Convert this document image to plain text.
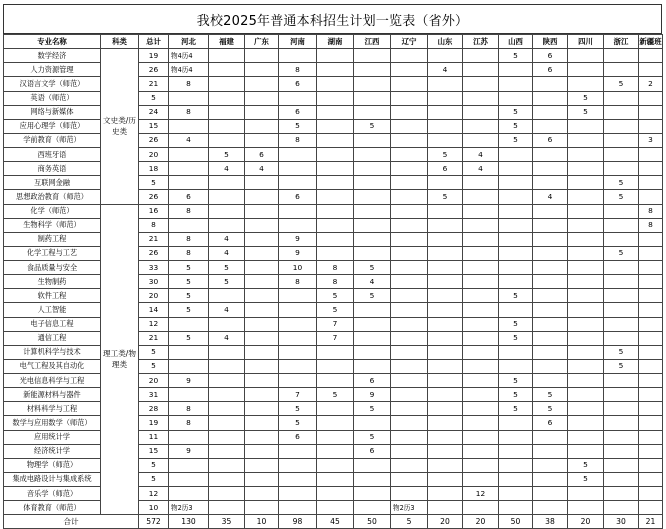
我校2025年普通本科招生计划一览表（省外）
专业名称	科类	总计	河北	福建	广东	河南	湖南	江西	辽宁	山东	江苏	山西	陕西	四川	浙江	新疆班
数学经济	文史类/历史类	19	物4历4									5	6			
人力资源管理		26	物4历4			8				4			6			
汉语言文学（师范）		21	8			6									5	2
英语（师范）		5												5		
网络与新媒体		24	8			6						5		5		
应用心理学（师范）		15				5		5				5				
学前教育（师范）		26	4			8						5	6			3
西班牙语		20		5	6					5	4					
商务英语		18		4	4					6	4					
互联网金融		5													5	
思想政治教育（师范）		26	6			6				5			4		5	
化学（师范）	理工类/物理类	16	8													8
生物科学（师范）		8														8
制药工程		21	8	4		9										
化学工程与工艺		26	8	4		9									5	
食品质量与安全		33	5	5		10	8	5								
生物制药		30	5	5		8	8	4								
软件工程		20	5				5	5				5				
人工智能		14	5	4			5									
电子信息工程		12					7					5				
通信工程		21	5	4			7					5				
计算机科学与技术		5													5	
电气工程及其自动化		5													5	
光电信息科学与工程		20	9					6				5				
新能源材料与器件		31				7	5	9				5	5			
材料科学与工程		28	8			5		5				5	5			
数学与应用数学（师范）		19	8			5							6			
应用统计学		11				6		5								
经济统计学		15	9					6								
物理学（师范）		5												5		
集成电路设计与集成系统		5												5		
音乐学（师范）		12									12					
体育教育（师范）		10	物2历3						物2历3							
合计		572	130	35	10	98	45	50	5	20	20	50	38	20	30	21
